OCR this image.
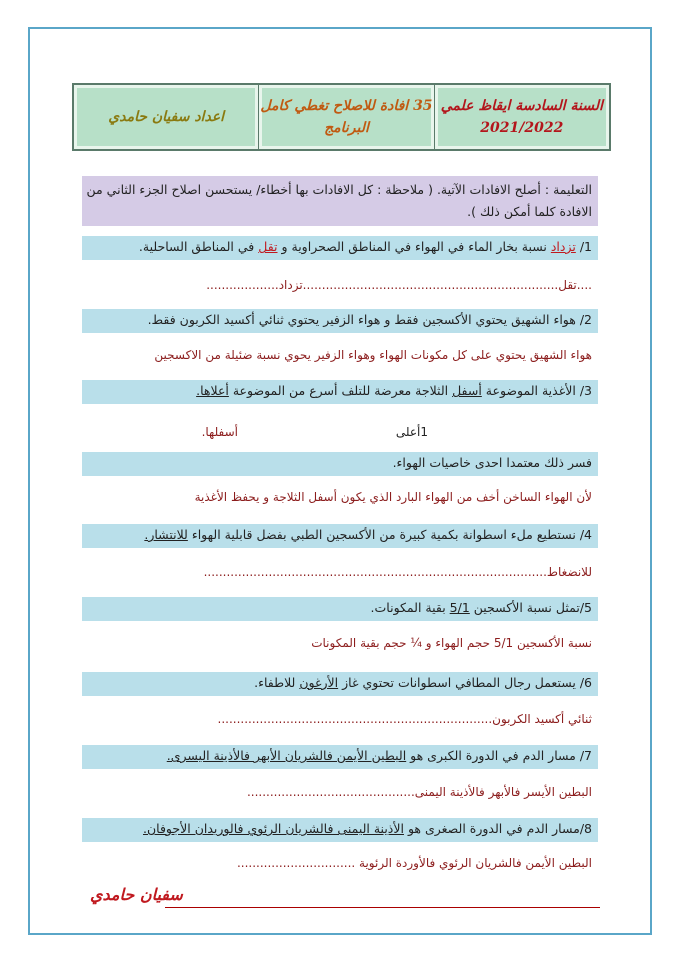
السنة السادسة ايقاظ علمي
2021/2022
35 افادة للاصلاح تغطي كامل البرنامج
اعداد سفيان حامدي
التعليمة : أصلح الافادات الآتية. ( ملاحظة : كل الافادات بها أخطاء/ يستحسن اصلاح الجزء الثاني من الافادة كلما أمكن ذلك ).
1/ تزداد نسبة بخار الماء في الهواء في المناطق الصحراوية و تقل في المناطق الساحلية.
....تقل...................................................................تزداد...................
2/ هواء الشهيق يحتوي الأكسجين فقط و هواء الزفير يحتوي ثنائي أكسيد الكربون فقط.
هواء الشهيق يحتوي على كل مكونات الهواء وهواء الزفير يحوي نسبة ضئيلة من الاكسجين
3/ الأغذية الموضوعة أسفل الثلاجة معرضة للتلف أسرع من الموضوعة أعلاها.
1أعلى
أسفلها.
فسر ذلك معتمدا احدى خاصيات الهواء.
لأن الهواء الساخن أخف من الهواء البارد الذي يكون أسفل الثلاجة و يحفظ الأغذية
4/ نستطيع ملء اسطوانة بكمية كبيرة من الأكسجين الطبي بفضل قابلية الهواء للانتشار.
للانضغاط..........................................................................................
5/تمثل نسبة الأكسجين 5/1 بقية المكونات.
نسبة الأكسجين 5/1 حجم الهواء و ¼ حجم بقية المكونات
6/ يستعمل رجال المطافي اسطوانات تحتوي غاز الأرغون للاطفاء.
ثنائي أكسيد الكربون........................................................................
7/ مسار الدم في الدورة الكبرى هو البطين الأيمن فالشريان الأبهر فالأذينة اليسرى.
البطين الأيسر فالأبهر فالأذينة اليمنى............................................
8/مسار الدم في الدورة الصغرى هو الأذينة اليمنى فالشريان الرئوي فالوريدان الأجوفان.
البطين الأيمن فالشريان الرئوي فالأوردة الرئوية ...............................
سفيان حامدي
